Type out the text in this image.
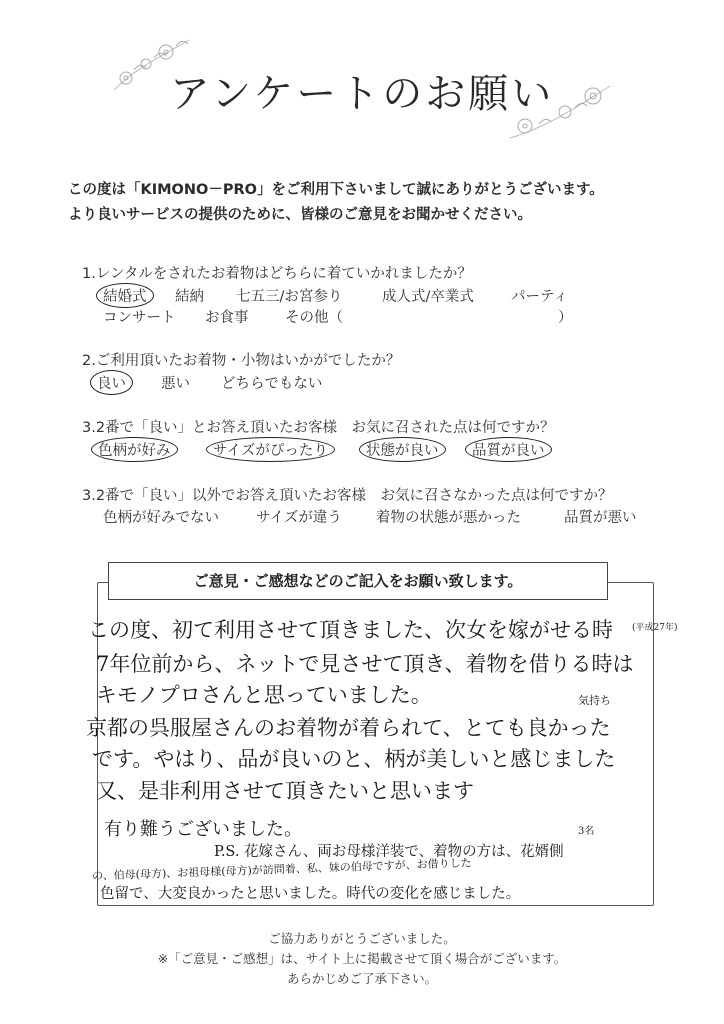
アンケートのお願い
この度は「KIMONO－PRO」をご利用下さいまして誠にありがとうございます。
より良いサービスの提供のために、皆様のご意見をお聞かせください。
1.レンタルをされたお着物はどちらに着ていかれましたか？
結婚式	結納 七五三/お宮参り	成人式/卒業式	パーティ
コンサート お食事	その他（	）
2.ご利用頂いたお着物・小物はいかがでしたか？
良い	悪い どちらでもない
3.2番で「良い」とお答え頂いたお客様　お気に召された点は何ですか？
色柄が好み	サイズがぴったり	状態が良い	品質が良い
3.2番で「良い」以外でお答え頂いたお客様　お気に召さなかった点は何ですか？
色柄が好みでない	サイズが違う 着物の状態が悪かった	品質が悪い
ご意見・ご感想などのご記入をお願い致します。
この度、初て利用させて頂きました、次女を嫁がせる時 (平成27年)
7年位前から、ネットで見させて頂き、着物を借りる時は
キモノプロさんと思っていました。	気持ち
京都の呉服屋さんのお着物が着られて、とても良かった
です。やはり、品が良いのと、柄が美しいと感じました
又、是非利用させて頂きたいと思います
有り難うございました。	3名
P.S. 花嫁さん、両お母様洋装で、着物の方は、花婿側
の、伯母(母方)、お祖母様(母方)が訪問着、私、妹の伯母ですが、お借りした
色留で、大変良かったと思いました。時代の変化を感じました。
ご協力ありがとうございました。
※「ご意見・ご感想」は、サイト上に掲載させて頂く場合がございます。
あらかじめご了承下さい。
